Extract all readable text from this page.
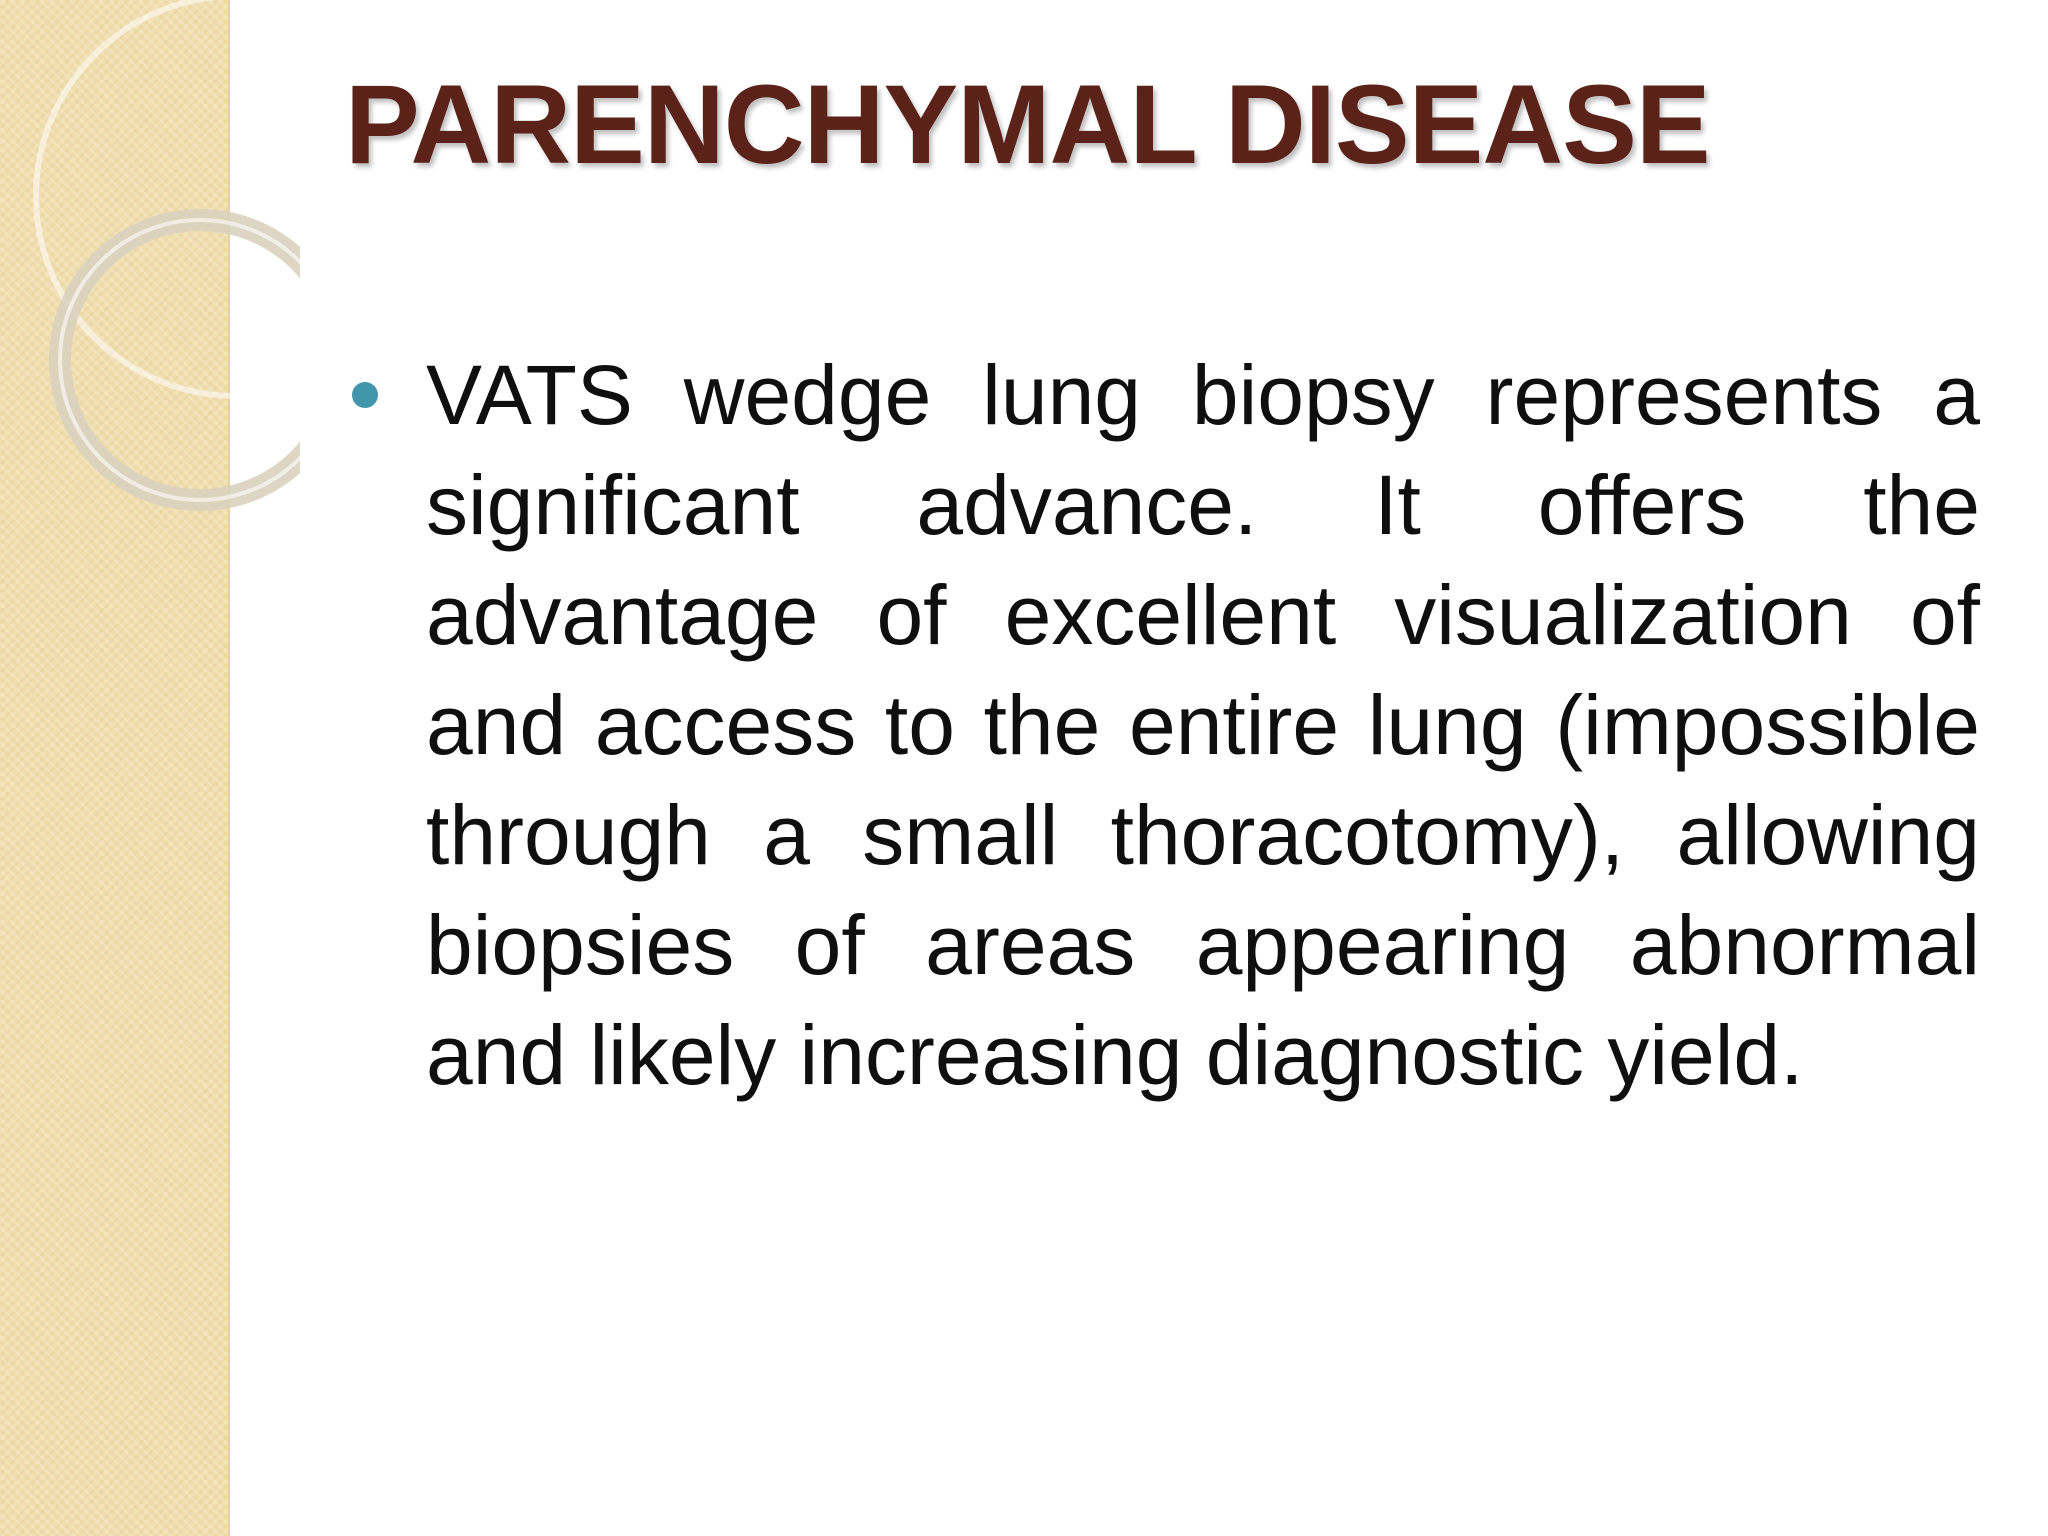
PARENCHYMAL DISEASE

VATS wedge lung biopsy represents a significant advance. It offers the advantage of excellent visualization of and access to the entire lung (impossible through a small thoracotomy), allowing biopsies of areas appearing abnormal and likely increasing diagnostic yield.
